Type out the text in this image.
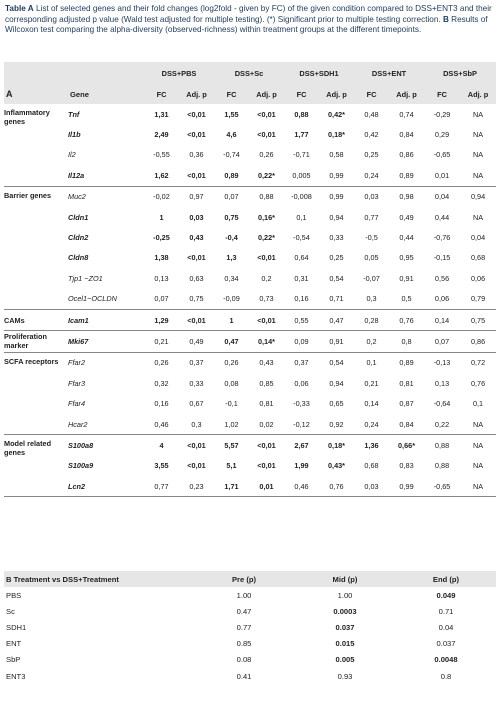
Table A List of selected genes and their fold changes (log2fold - given by FC) of the given condition compared to DSS+ENT3 and their corresponding adjusted p value (Wald test adjusted for multiple testing). (*) Significant prior to multiple testing correction. B Results of Wilcoxon test comparing the alpha-diversity (observed-richness) within treatment groups at the different timepoints.
		DSS+PBS		DSS+Sc		DSS+SDH1		DSS+ENT		DSS+SbP	
A	Gene	FC	Adj. p	FC	Adj. p	FC	Adj. p	FC	Adj. p	FC	Adj. p
Inflammatory genes	Tnf	1,31	<0,01	1,55	<0,01	0,88	0,42*	0,48	0,74	-0,29	NA
	Il1b	2,49	<0,01	4,6	<0,01	1,77	0,18*	0,42	0,84	0,29	NA
	Il2	-0,55	0,36	-0,74	0,26	-0,71	0,58	0,25	0,86	-0,65	NA
	Il12a	1,62	<0,01	0,89	0,22*	0,005	0,99	0,24	0,89	0,01	NA
Barrier genes	Muc2	-0,02	0,97	0,07	0,88	-0,008	0,99	0,03	0,98	0,04	0,94
	Cldn1	1	0,03	0,75	0,16*	0,1	0,94	0,77	0,49	0,44	NA
	Cldn2	-0,25	0,43	-0,4	0,22*	-0,54	0,33	-0,5	0,44	-0,76	0,04
	Cldn8	1,38	<0,01	1,3	<0,01	0,64	0,25	0,05	0,95	-0,15	0,68
	Tjp1 ~ZO1	0,13	0,63	0,34	0,2	0,31	0,54	-0,07	0,91	0,56	0,06
	Ocel1~OCLDN	0,07	0,75	-0,09	0,73	0,16	0,71	0,3	0,5	0,06	0,79
CAMs	Icam1	1,29	<0,01	1	<0,01	0,55	0,47	0,28	0,76	0,14	0,75
Proliferation marker	Mki67	0,21	0,49	0,47	0,14*	0,09	0,91	0,2	0,8	0,07	0,86
SCFA receptors	Ffar2	0,26	0,37	0,26	0,43	0,37	0,54	0,1	0,89	-0,13	0,72
	Ffar3	0,32	0,33	0,08	0,85	0,06	0,94	0,21	0,81	0,13	0,76
	Ffar4	0,16	0,67	-0,1	0,81	-0,33	0,65	0,14	0,87	-0,64	0,1
	Hcar2	0,46	0,3	1,02	0,02	-0,12	0,92	0,24	0,84	0,22	NA
Model related genes	S100a8	4	<0,01	5,57	<0,01	2,67	0,18*	1,36	0,66*	0,88	NA
	S100a9	3,55	<0,01	5,1	<0,01	1,99	0,43*	0,68	0,83	0,88	NA
	Lcn2	0,77	0,23	1,71	0,01	0,46	0,76	0,03	0,99	-0,65	NA
B Treatment vs DSS+Treatment	Pre (p)	Mid (p)	End (p)
PBS	1.00	1.00	0.049
Sc	0.47	0.0003	0.71
SDH1	0.77	0.037	0.04
ENT	0.85	0.015	0.037
SbP	0.08	0.005	0.0048
ENT3	0.41	0.93	0.8
